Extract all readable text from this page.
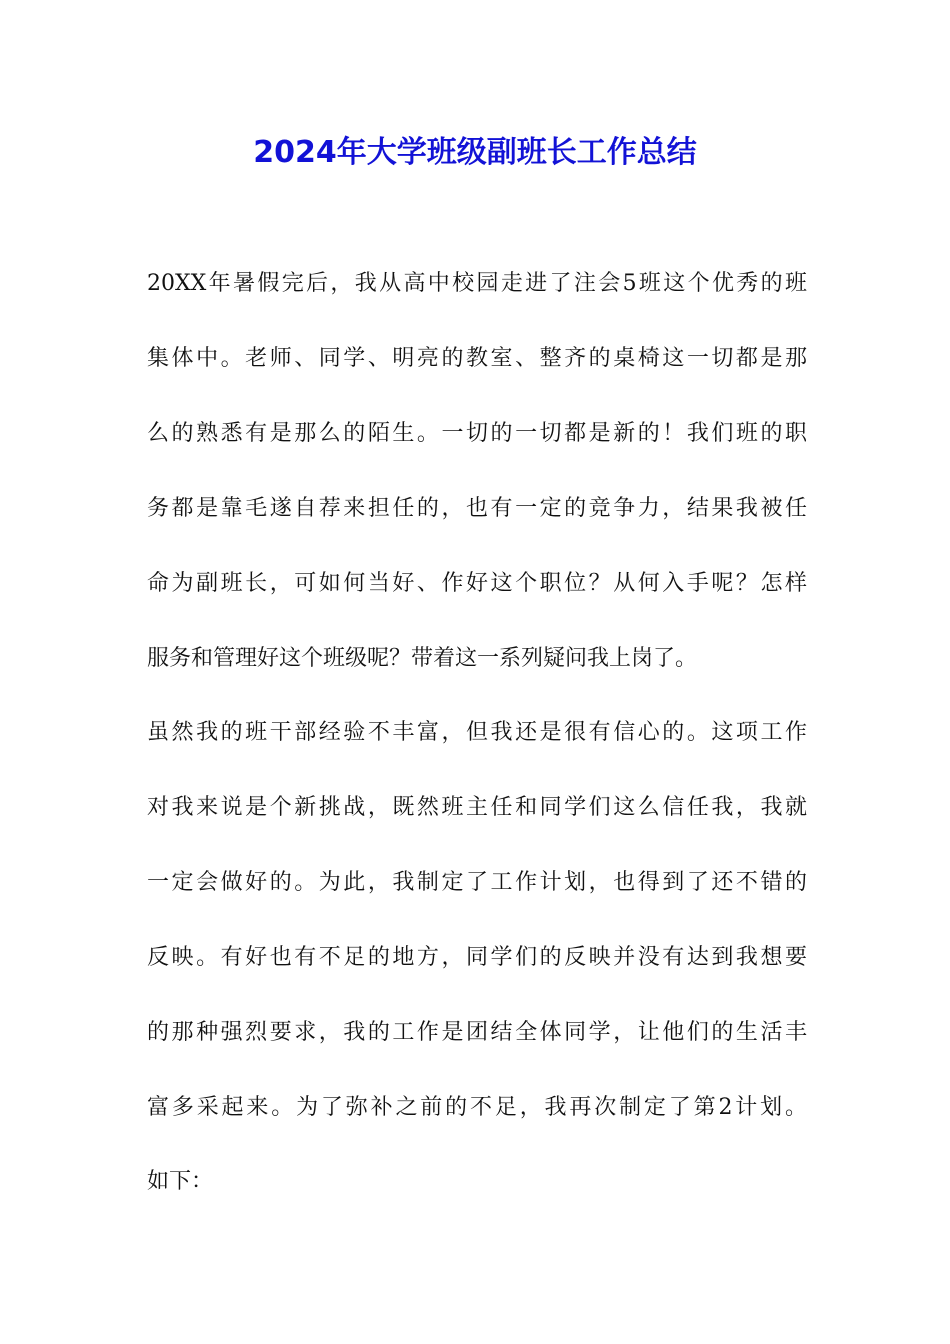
2024年大学班级副班长工作总结
20XX年暑假完后，我从高中校园走进了注会5班这个优秀的班
集体中。老师、同学、明亮的教室、整齐的桌椅这一切都是那
么的熟悉有是那么的陌生。一切的一切都是新的！我们班的职
务都是靠毛遂自荐来担任的，也有一定的竞争力，结果我被任
命为副班长，可如何当好、作好这个职位？从何入手呢？怎样
服务和管理好这个班级呢？带着这一系列疑问我上岗了。
虽然我的班干部经验不丰富，但我还是很有信心的。这项工作
对我来说是个新挑战，既然班主任和同学们这么信任我，我就
一定会做好的。为此，我制定了工作计划，也得到了还不错的
反映。有好也有不足的地方，同学们的反映并没有达到我想要
的那种强烈要求，我的工作是团结全体同学，让他们的生活丰
富多采起来。为了弥补之前的不足，我再次制定了第2计划。
如下：
